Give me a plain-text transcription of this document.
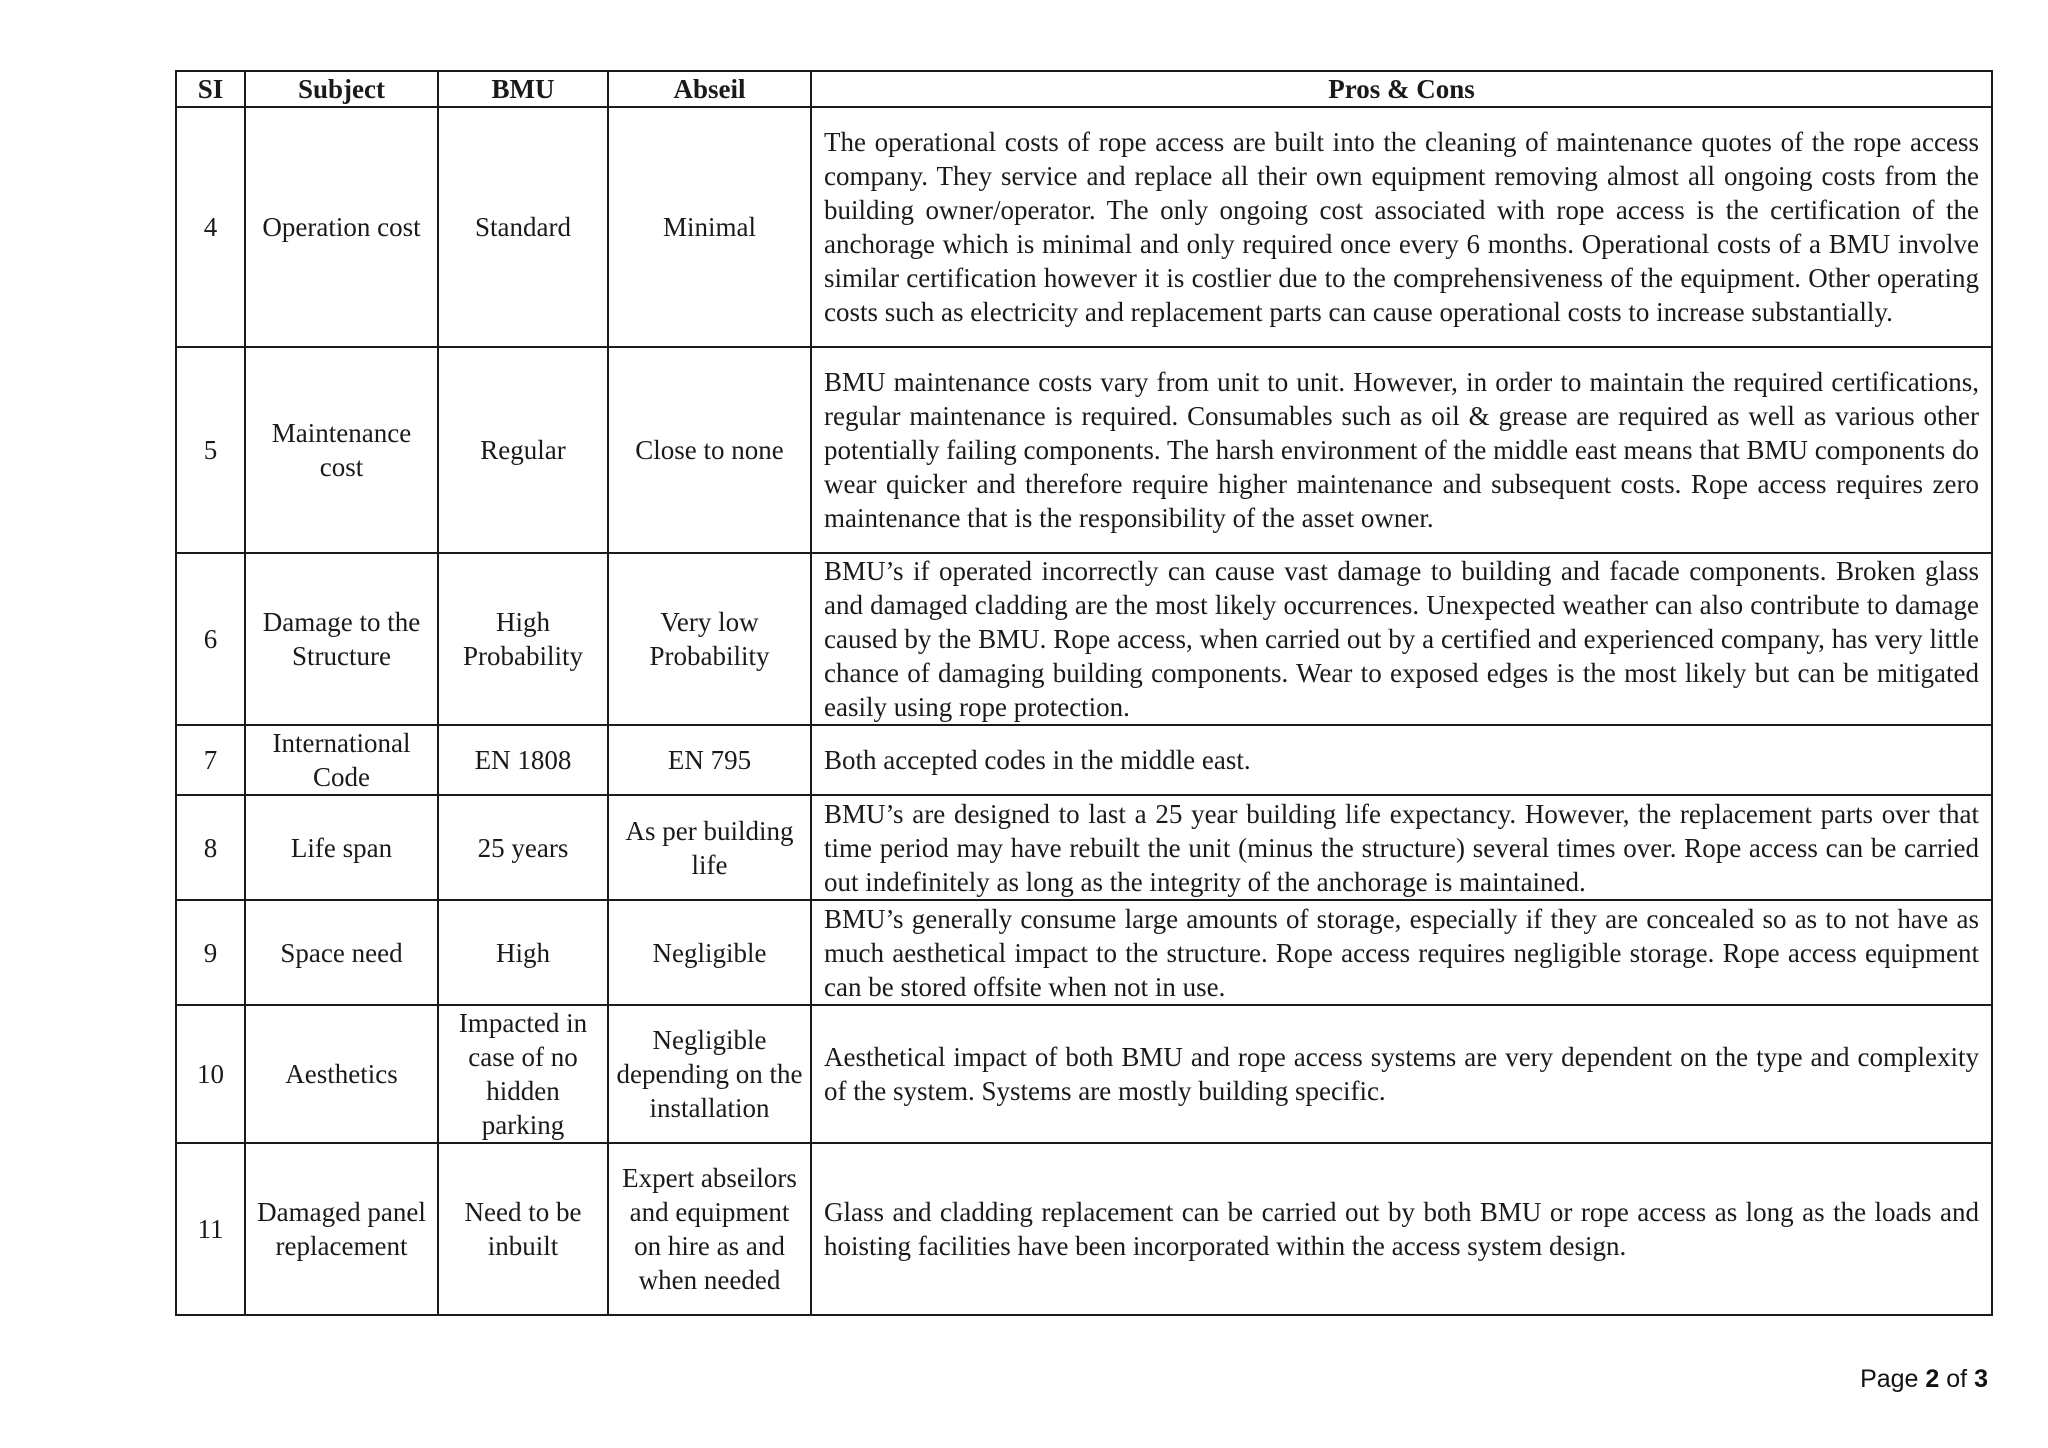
SI	Subject	BMU	Abseil	Pros & Cons
4	Operation cost	Standard	Minimal	The operational costs of rope access are built into the cleaning of maintenance quotes of the rope access company. They service and replace all their own equipment removing almost all ongoing costs from the building owner/operator. The only ongoing cost associated with rope access is the certification of the anchorage which is minimal and only required once every 6 months. Operational costs of a BMU involve similar certification however it is costlier due to the comprehensiveness of the equipment. Other operating costs such as electricity and replacement parts can cause operational costs to increase substantially.
5	Maintenance cost	Regular	Close to none	BMU maintenance costs vary from unit to unit. However, in order to maintain the required certifications, regular maintenance is required. Consumables such as oil & grease are required as well as various other potentially failing components. The harsh environment of the middle east means that BMU components do wear quicker and therefore require higher maintenance and subsequent costs. Rope access requires zero maintenance that is the responsibility of the asset owner.
6	Damage to the Structure	High Probability	Very low Probability	BMU’s if operated incorrectly can cause vast damage to building and facade components. Broken glass and damaged cladding are the most likely occurrences. Unexpected weather can also contribute to damage caused by the BMU. Rope access, when carried out by a certified and experienced company, has very little chance of damaging building components. Wear to exposed edges is the most likely but can be mitigated easily using rope protection.
7	International Code	EN 1808	EN 795	Both accepted codes in the middle east.
8	Life span	25 years	As per building life	BMU’s are designed to last a 25 year building life expectancy. However, the replacement parts over that time period may have rebuilt the unit (minus the structure) several times over. Rope access can be carried out indefinitely as long as the integrity of the anchorage is maintained.
9	Space need	High	Negligible	BMU’s generally consume large amounts of storage, especially if they are concealed so as to not have as much aesthetical impact to the structure. Rope access requires negligible storage. Rope access equipment can be stored offsite when not in use.
10	Aesthetics	Impacted in case of no hidden parking	Negligible depending on the installation	Aesthetical impact of both BMU and rope access systems are very dependent on the type and complexity of the system. Systems are mostly building specific.
11	Damaged panel replacement	Need to be inbuilt	Expert abseilors and equipment on hire as and when needed	Glass and cladding replacement can be carried out by both BMU or rope access as long as the loads and hoisting facilities have been incorporated within the access system design.
Page 2 of 3
